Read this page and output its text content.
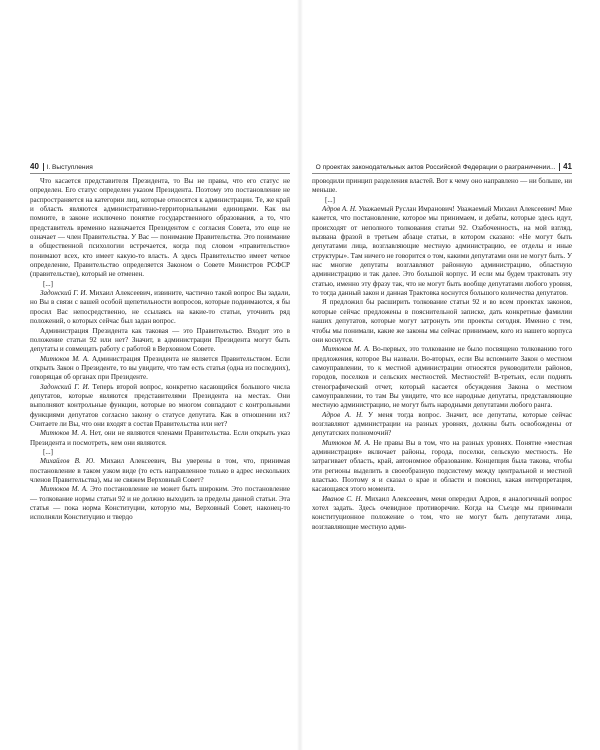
40 I. Выступления

Что касается представителя Президента, то Вы не правы, что его статус не определен. Его статус определен указом Президента. Поэтому это постановление не распространяется на категории лиц, которые относятся к администрации. Те, же край и область являются административно-территориальными единицами. Как вы помните, в законе исключено понятие государственного образования, а то, что представитель временно назначается Президентом с согласия Совета, это еще не означает — член Правительства. У Вас — понимание Правительства. Это понимание в общественной психологии встречается, когда под словом «правительство» понимают всех, кто имеет какую-то власть. А здесь Правительство имеет четкое определение, Правительство определяется Законом о Совете Министров РСФСР (правительстве), который не отменен.

[...]

Задонский Г. И. Михаил Алексеевич, извините, частично такой вопрос Вы задали, но Вы в связи с вашей особой щепетильности вопросов, которые поднимаются, я бы просил Вас непосредственно, не ссылаясь на какие-то статьи, уточнить ряд положений, о которых сейчас был задан вопрос.

Администрация Президента как таковая — это Правительство. Входит это в положение статьи 92 или нет? Значит, в администрации Президента могут быть депутаты и совмещать работу с работой в Верховном Совете.

Митюков М. А. Администрация Президента не является Правительством. Если открыть Закон о Президенте, то вы увидите, что там есть статья (одна из последних), говорящая об органах при Президенте.

Задонский Г. И. Теперь второй вопрос, конкретно касающийся большого числа депутатов, которые являются представителями Президента на местах. Они выполняют контрольные функции, которые во многом совпадают с контрольными функциями депутатов согласно закону о статусе депутата. Как в отношении их? Считаете ли Вы, что они входят в состав Правительства или нет?

Митюков М. А. Нет, они не являются членами Правительства. Если открыть указ Президента и посмотреть, кем они являются.

[...]

Михайлов В. Ю. Михаил Алексеевич, Вы уверены в том, что, принимая постановление в таком узком виде (то есть направленное только в адрес нескольких членов Правительства), мы не свяжем Верховный Совет?

Митюков М. А. Это постановление не может быть широким. Это постановление — толкование нормы статьи 92 и не должно выходить за пределы данной статьи. Эта статья — пока норма Конституции, которую мы, Верховный Совет, наконец-то исполняли Конституцию и твердо

О проектах законодательных актов Российской Федерации о разграничении... 41

проводили принцип разделения властей. Вот к чему оно направлено — ни больше, ни меньше.

[...]

Адров А. Н. Уважаемый Руслан Имранович! Уважаемый Михаил Алексеевич! Мне кажется, что постановление, которое мы принимаем, и дебаты, которые здесь идут, происходят от неполного толкования статьи 92. Озабоченность, на мой взгляд, вызвана фразой в третьем абзаце статьи, в котором сказано: «Не могут быть депутатами лица, возглавляющие местную администрацию, ее отделы и иные структуры». Там ничего не говорится о том, какими депутатами они не могут быть. У нас многие депутаты возглавляют районную администрацию, областную администрацию и так далее. Это большой корпус. И если мы будем трактовать эту статью, именно эту фразу так, что не могут быть вообще депутатами любого уровня, то тогда данный закон и данная Трактовка коснутся большого количества депутатов.

Я предложил бы расширить толкование статьи 92 и во всем проектах законов, которые сейчас предложены в пояснительной записке, дать конкретные фамилии наших депутатов, которые могут затронуть эти проекты сегодня. Именно с тем, чтобы мы понимали, какие же законы мы сейчас принимаем, кого из нашего корпуса они коснутся.

Митюков М. А. Во-первых, это толкование не было посвящено толкованию того предложения, которое Вы назвали. Во-вторых, если Вы вспомните Закон о местном самоуправлении, то к местной администрации относятся руководители районов, городов, поселков и сельских местностей. Местностей! В-третьих, если поднять стенографический отчет, который касается обсуждения Закона о местном самоуправлении, то там Вы увидите, что все народные депутаты, представляющие местную администрацию, не могут быть народными депутатами любого ранга.

Адров А. Н. У меня тогда вопрос. Значит, все депутаты, которые сейчас возглавляют администрации на разных уровнях, должны быть освобождены от депутатских полномочий?

Митюков М. А. Не правы Вы в том, что на разных уровнях. Понятие «местная администрация» включает районы, города, поселки, сельскую местность. Не затрагивает область, край, автономное образование. Концепция была такова, чтобы эти регионы выделить в своеобразную подсистему между центральной и местной властью. Поэтому я и сказал о крае и области и пояснил, какая интерпретация, касающаяся этого момента.

Иванов С. Н. Михаил Алексеевич, меня опередил Адров, я аналогичный вопрос хотел задать. Здесь очевидное противоречие. Когда на Съезде мы принимали конституционное положение о том, что не могут быть депутатами лица, возглавляющие местную адми-
